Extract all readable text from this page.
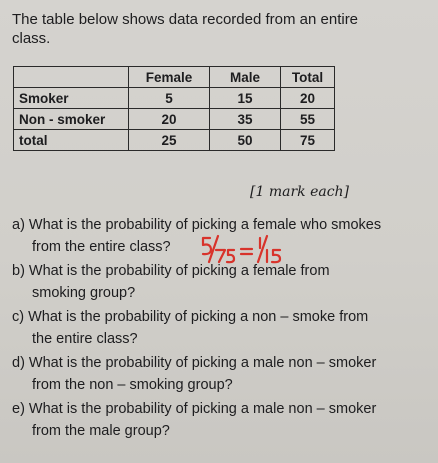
The table below shows data recorded from an entire
class.
	Female	Male	Total
Smoker	5	15	20
Non - smoker	20	35	55
total	25	50	75
[1 mark each]
a) What is the probability of picking a female who smokes
from the entire class?
b) What is the probability of picking a female from
smoking group?
c) What is the probability of picking a non – smoke from
the entire class?
d) What is the probability of picking a male non – smoker
from the non – smoking group?
e) What is the probability of picking a male non – smoker
from the male group?
